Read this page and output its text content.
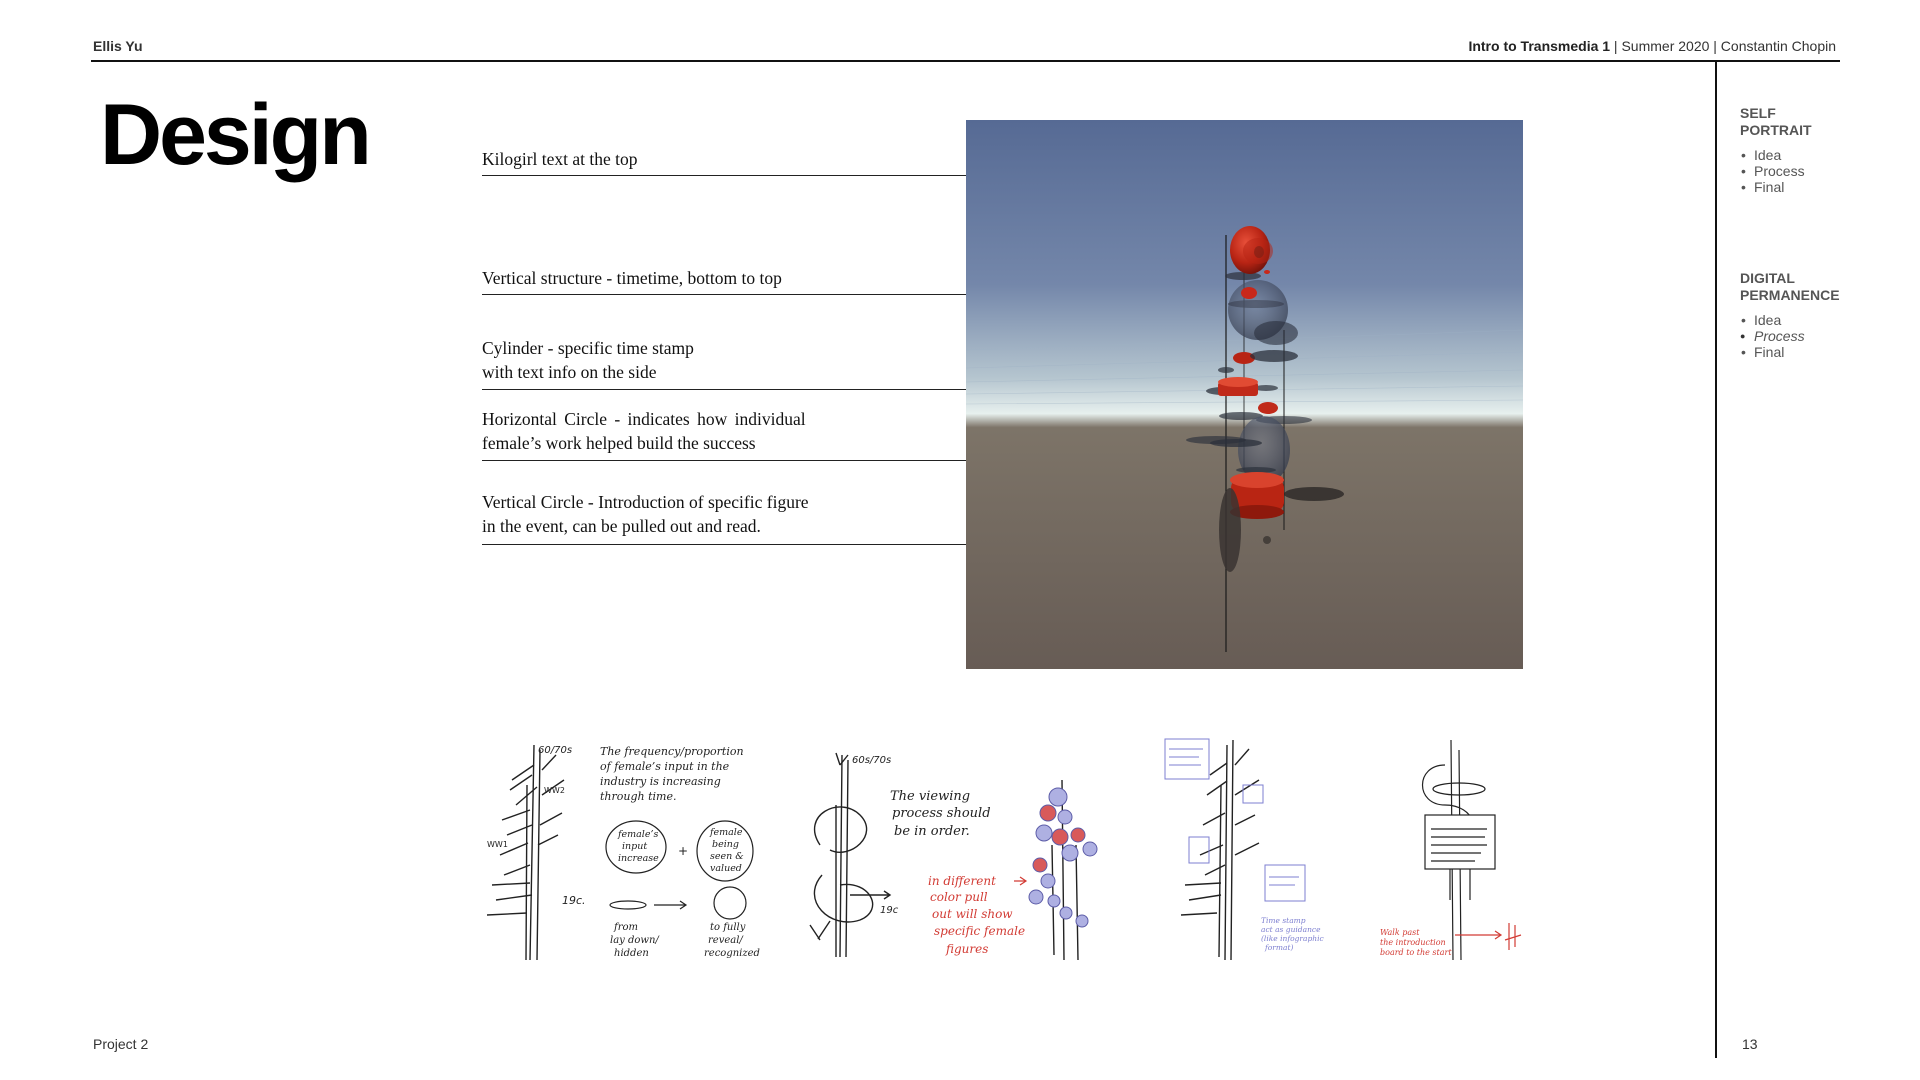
Ellis Yu	Intro to Transmedia 1 | Summer 2020 | Constantin Chopin
Design	Kilogirl text at the top
Vertical structure - timetime, bottom to top
Cylinder - specific time stamp
with text info on the side
Horizontal Circle - indicates how individual
female’s work helped build the success
Vertical Circle - Introduction of specific figure
in the event, can be pulled out and read.
60/70s
WW2
WW1
19c.
The frequency/proportion
of female’s input in the
industry is increasing
through time.
+
female’s
input
increase
female
being
seen &
valued
from
lay down/
hidden
to fully
reveal/
recognized
60s/70s
19c
The viewing
process should
be in order.
in different
color pull
out will show
specific female
figures
Time stamp
act as guidance
(like infographic
format)
Walk past
the introduction
board to the start
SELF
PORTRAIT
• Idea
• Process
• Final
DIGITAL
PERMANENCE
• Idea
● Process
• Final
Project 2	13
